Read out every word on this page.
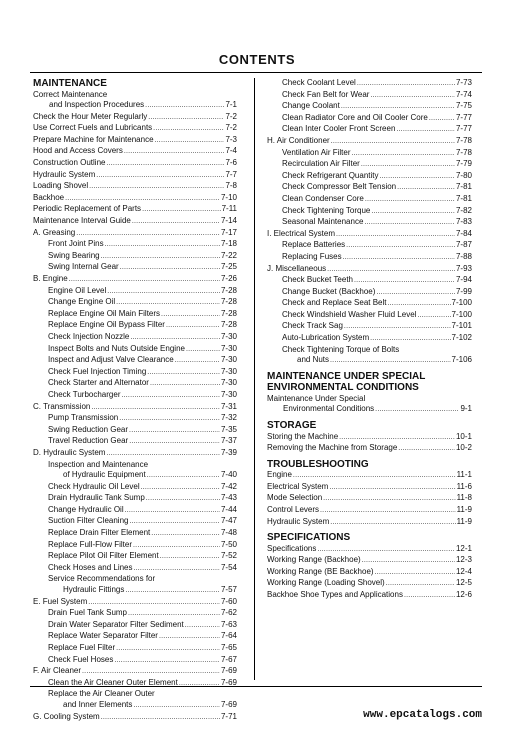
CONTENTS
MAINTENANCE
Correct Maintenance
and Inspection Procedures .....	7-1
Check the Hour Meter Regularly .....	7-2
Use Correct Fuels and Lubricants .....	7-2
Prepare Machine for Maintenance .....	7-3
Hood and Access Covers .....	7-4
Construction Outline .....	7-6
Hydraulic System .....	7-7
Loading Shovel .....	7-8
Backhoe .....	7-10
Periodic Replacement of Parts .....	7-11
Maintenance Interval Guide .....	7-14
A. Greasing .....	7-17
Front Joint Pins .....	7-18
Swing Bearing .....	7-22
Swing Internal Gear .....	7-25
B. Engine .....	7-26
Engine Oil Level .....	7-28
Change Engine Oil .....	7-28
Replace Engine Oil Main Filters .....	7-28
Replace Engine Oil Bypass Filter .....	7-28
Check Injection Nozzle .....	7-30
Inspect Bolts and Nuts Outside Engine .....	7-30
Inspect and Adjust Valve Clearance .....	7-30
Check Fuel Injection Timing .....	7-30
Check Starter and Alternator .....	7-30
Check Turbocharger .....	7-30
C. Transmission .....	7-31
Pump Transmission .....	7-32
Swing Reduction Gear .....	7-35
Travel Reduction Gear .....	7-37
D. Hydraulic System .....	7-39
Inspection and Maintenance
of Hydraulic Equipment .....	7-40
Check Hydraulic Oil Level .....	7-42
Drain Hydraulic Tank Sump .....	7-43
Change Hydraulic Oil .....	7-44
Suction Filter Cleaning .....	7-47
Replace Drain Filter Element .....	7-48
Replace Full-Flow Filter .....	7-50
Replace Pilot Oil Filter Element .....	7-52
Check Hoses and Lines .....	7-54
Service Recommendations for
Hydraulic Fittings .....	7-57
E. Fuel System .....	7-60
Drain Fuel Tank Sump .....	7-62
Drain Water Separator Filter Sediment .....	7-63
Replace Water Separator Filter .....	7-64
Replace Fuel Filter .....	7-65
Check Fuel Hoses .....	7-67
F. Air Cleaner .....	7-69
Clean the Air Cleaner Outer Element .....	7-69
Replace the Air Cleaner Outer
and Inner Elements .....	7-69
G. Cooling System .....	7-71
Check Coolant Level .....	7-73
Check Fan Belt for Wear .....	7-74
Change Coolant .....	7-75
Clean Radiator Core and Oil Cooler Core .....	7-77
Clean Inter Cooler Front Screen .....	7-77
H. Air Conditioner .....	7-78
Ventilation Air Filter .....	7-78
Recirculation Air Filter .....	7-79
Check Refrigerant Quantity .....	7-80
Check Compressor Belt Tension .....	7-81
Clean Condenser Core .....	7-81
Check Tightening Torque .....	7-82
Seasonal Maintenance .....	7-83
I. Electrical System .....	7-84
Replace Batteries .....	7-87
Replacing Fuses .....	7-88
J. Miscellaneous .....	7-93
Check Bucket Teeth .....	7-94
Change Bucket (Backhoe) .....	7-99
Check and Replace Seat Belt .....	7-100
Check Windshield Washer Fluid Level .....	7-100
Check Track Sag .....	7-101
Auto-Lubrication System .....	7-102
Check Tightening Torque of Bolts
and Nuts .....	7-106
MAINTENANCE UNDER SPECIAL
ENVIRONMENTAL CONDITIONS
Maintenance Under Special
Environmental Conditions .....	9-1
STORAGE
Storing the Machine .....	10-1
Removing the Machine from Storage .....	10-2
TROUBLESHOOTING
Engine .....	11-1
Electrical System .....	11-6
Mode Selection .....	11-8
Control Levers .....	11-9
Hydraulic System .....	11-9
SPECIFICATIONS
Specifications .....	12-1
Working Range (Backhoe) .....	12-3
Working Range (BE Backhoe) .....	12-4
Working Range (Loading Shovel) .....	12-5
Backhoe Shoe Types and Applications .....	12-6
www.epcatalogs.com
